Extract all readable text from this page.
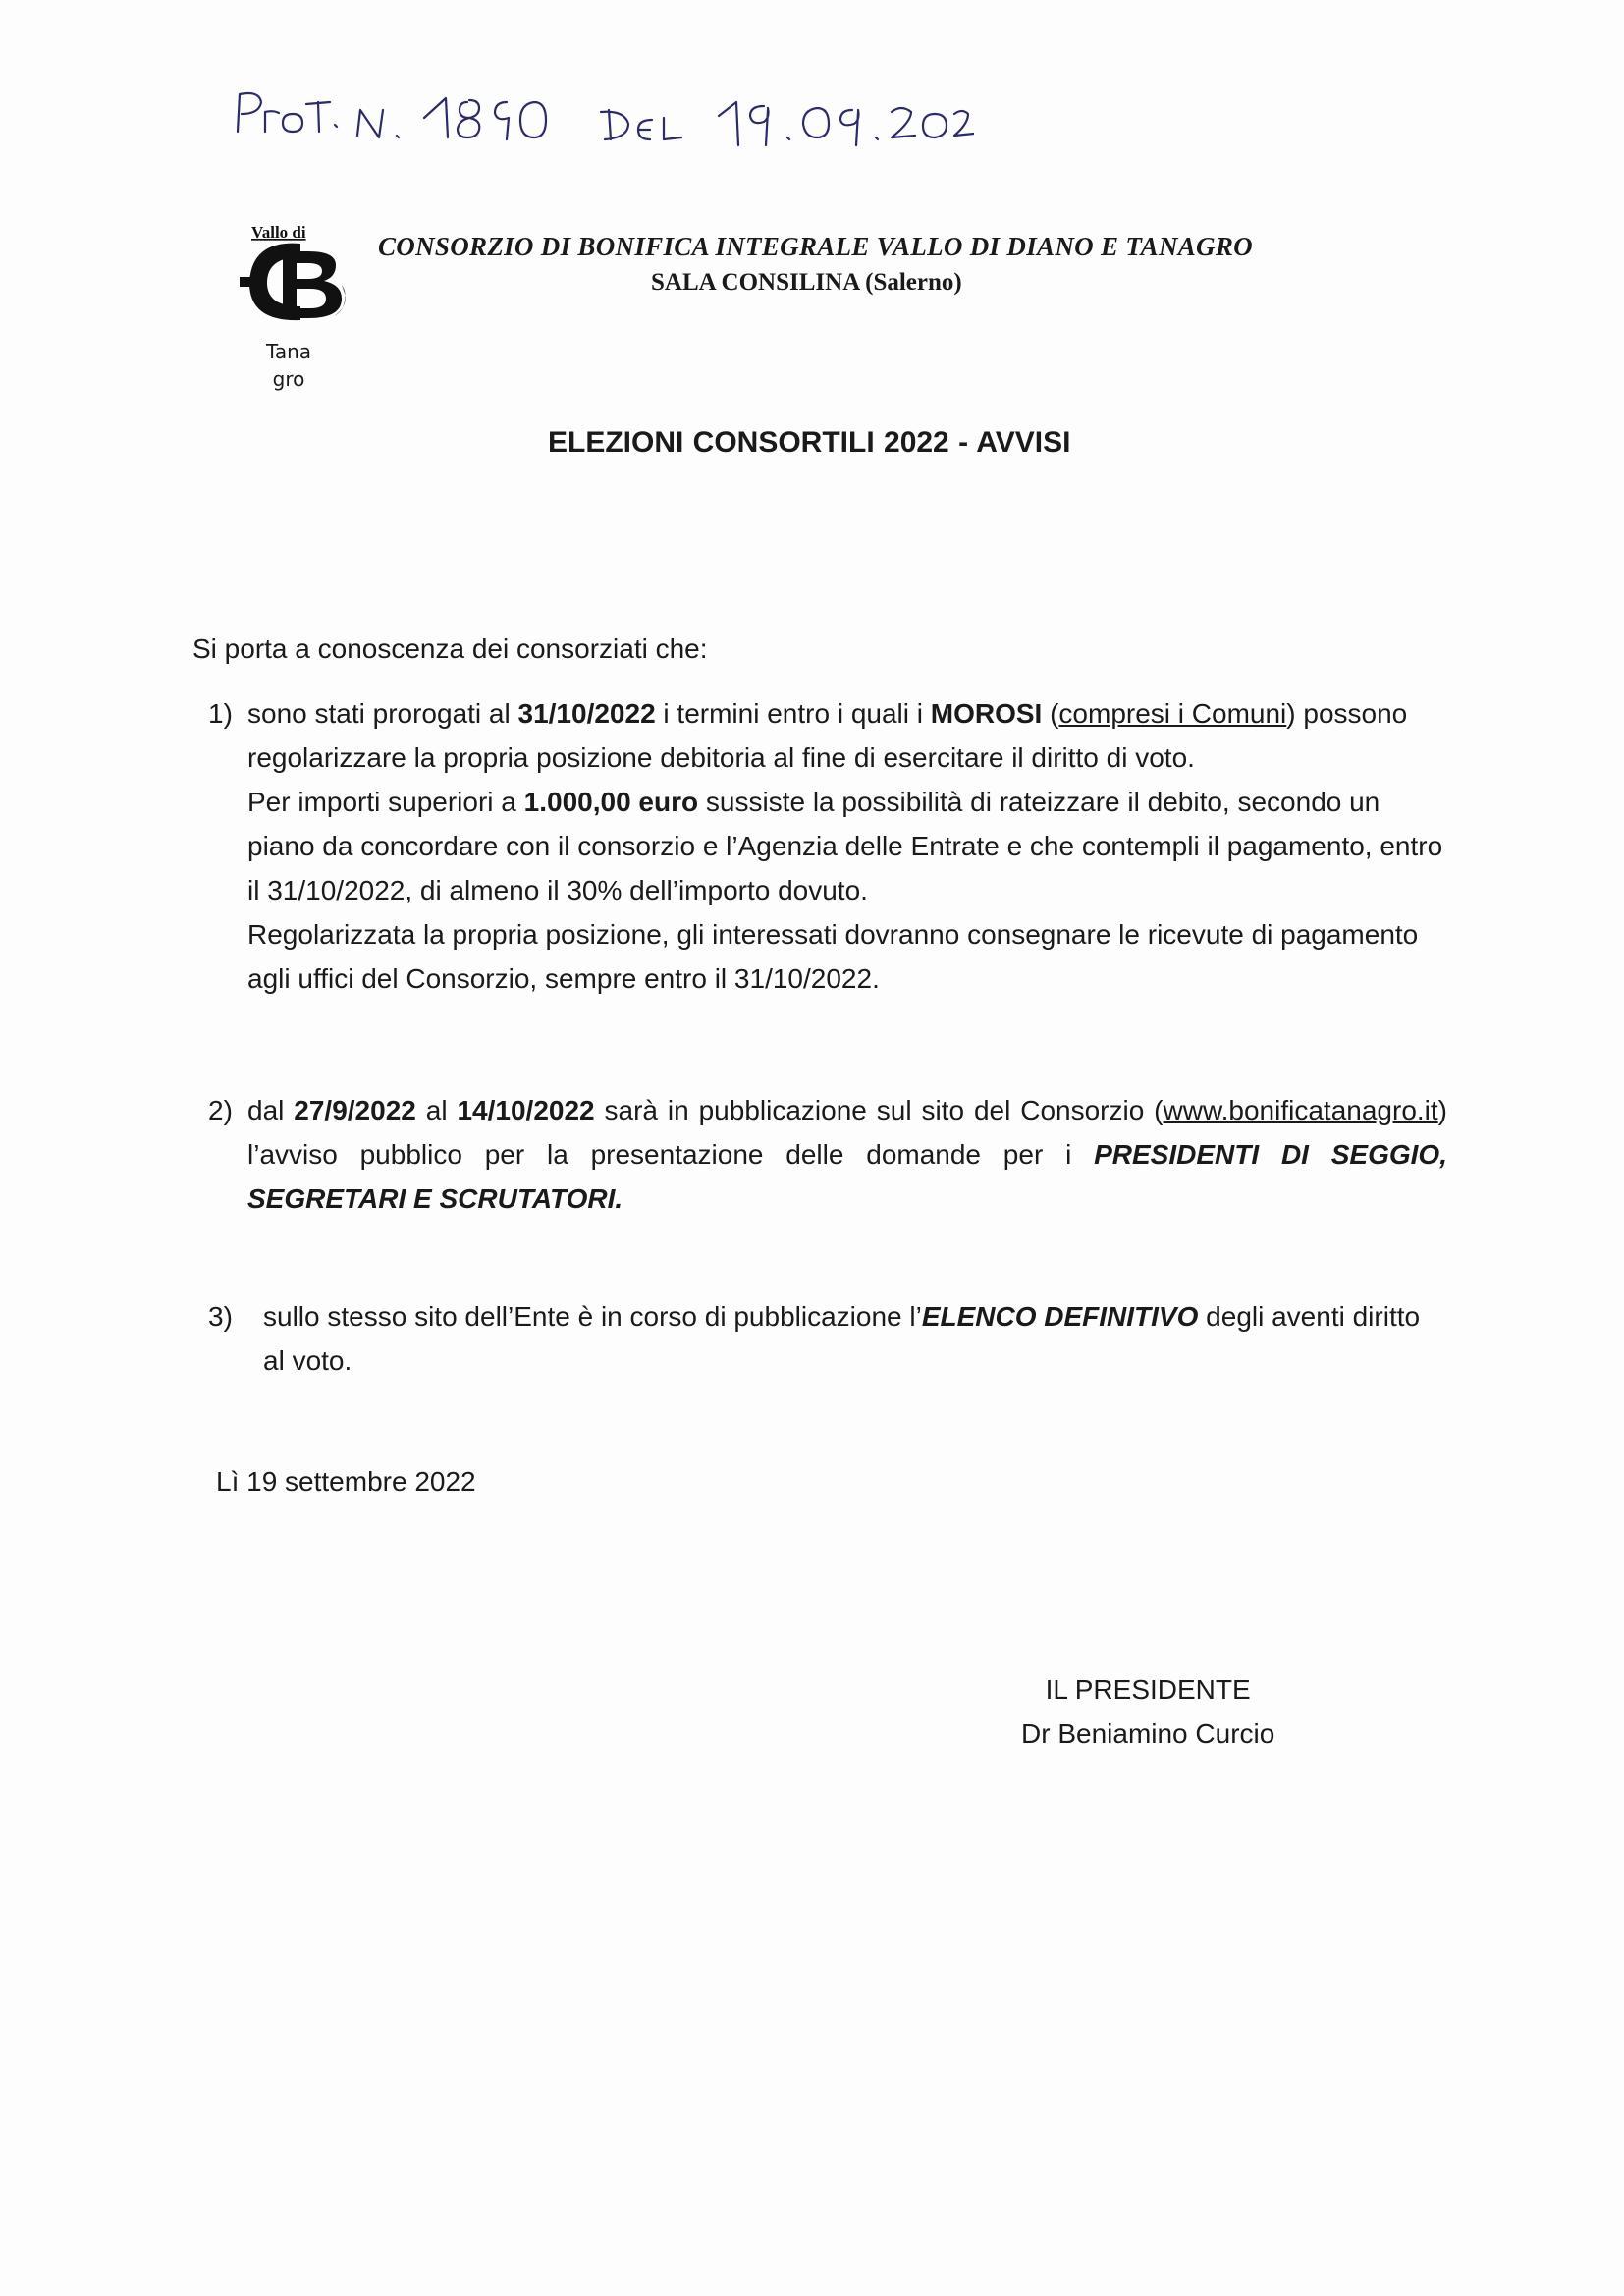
Vallo di
Tana
gro
CONSORZIO DI BONIFICA INTEGRALE VALLO DI DIANO E TANAGRO
SALA CONSILINA (Salerno)
ELEZIONI CONSORTILI 2022 - AVVISI
Si porta a conoscenza dei consorziati che:
1) sono stati prorogati al 31/10/2022 i termini entro i quali i MOROSI (compresi i Comuni) possono regolarizzare la propria posizione debitoria al fine di esercitare il diritto di voto.
Per importi superiori a 1.000,00 euro sussiste la possibilità di rateizzare il debito, secondo un piano da concordare con il consorzio e l’Agenzia delle Entrate e che contempli il pagamento, entro il 31/10/2022, di almeno il 30% dell’importo dovuto.
Regolarizzata la propria posizione, gli interessati dovranno consegnare le ricevute di pagamento agli uffici del Consorzio, sempre entro il 31/10/2022.
2) dal 27/9/2022 al 14/10/2022 sarà in pubblicazione sul sito del Consorzio (www.bonificatanagro.it) l’avviso pubblico per la presentazione delle domande per i PRESIDENTI DI SEGGIO, SEGRETARI E SCRUTATORI.
3) sullo stesso sito dell’Ente è in corso di pubblicazione l’ELENCO DEFINITIVO degli aventi diritto al voto.
Lì 19 settembre 2022
IL PRESIDENTE
Dr Beniamino Curcio
